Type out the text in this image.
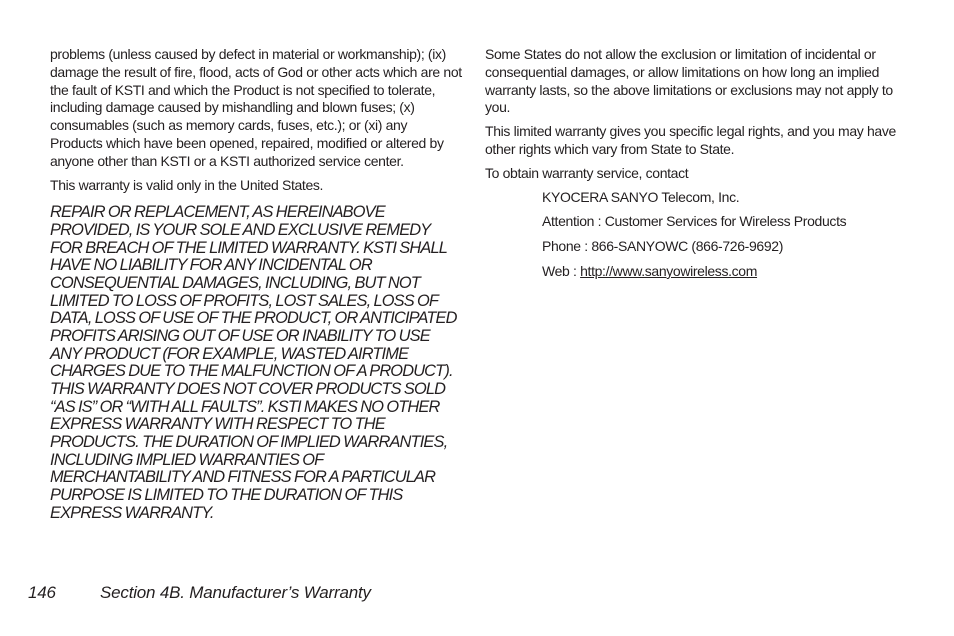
problems (unless caused by defect in material or workmanship); (ix) damage the result of fire, flood, acts of God or other acts which are not the fault of KSTI and which the Product is not specified to tolerate, including damage caused by mishandling and blown fuses; (x) consumables (such as memory cards, fuses, etc.); or (xi) any Products which have been opened, repaired, modified or altered by anyone other than KSTI or a KSTI authorized service center.

This warranty is valid only in the United States.

REPAIR OR REPLACEMENT, AS HEREINABOVE PROVIDED, IS YOUR SOLE AND EXCLUSIVE REMEDY FOR BREACH OF THE LIMITED WARRANTY. KSTI SHALL HAVE NO LIABILITY FOR ANY INCIDENTAL OR CONSEQUENTIAL DAMAGES, INCLUDING, BUT NOT LIMITED TO LOSS OF PROFITS, LOST SALES, LOSS OF DATA, LOSS OF USE OF THE PRODUCT, OR ANTICIPATED PROFITS ARISING OUT OF USE OR INABILITY TO USE ANY PRODUCT (FOR EXAMPLE, WASTED AIRTIME CHARGES DUE TO THE MALFUNCTION OF A PRODUCT). THIS WARRANTY DOES NOT COVER PRODUCTS SOLD “AS IS” OR “WITH ALL FAULTS”. KSTI MAKES NO OTHER EXPRESS WARRANTY WITH RESPECT TO THE PRODUCTS. THE DURATION OF IMPLIED WARRANTIES, INCLUDING IMPLIED WARRANTIES OF MERCHANTABILITY AND FITNESS FOR A PARTICULAR PURPOSE IS LIMITED TO THE DURATION OF THIS EXPRESS WARRANTY.

Some States do not allow the exclusion or limitation of incidental or consequential damages, or allow limitations on how long an implied warranty lasts, so the above limitations or exclusions may not apply to you.

This limited warranty gives you specific legal rights, and you may have other rights which vary from State to State.

To obtain warranty service, contact

KYOCERA SANYO Telecom, Inc.
Attention : Customer Services for Wireless Products
Phone : 866-SANYOWC (866-726-9692)
Web : http://www.sanyowireless.com
146	Section 4B. Manufacturer’s Warranty
